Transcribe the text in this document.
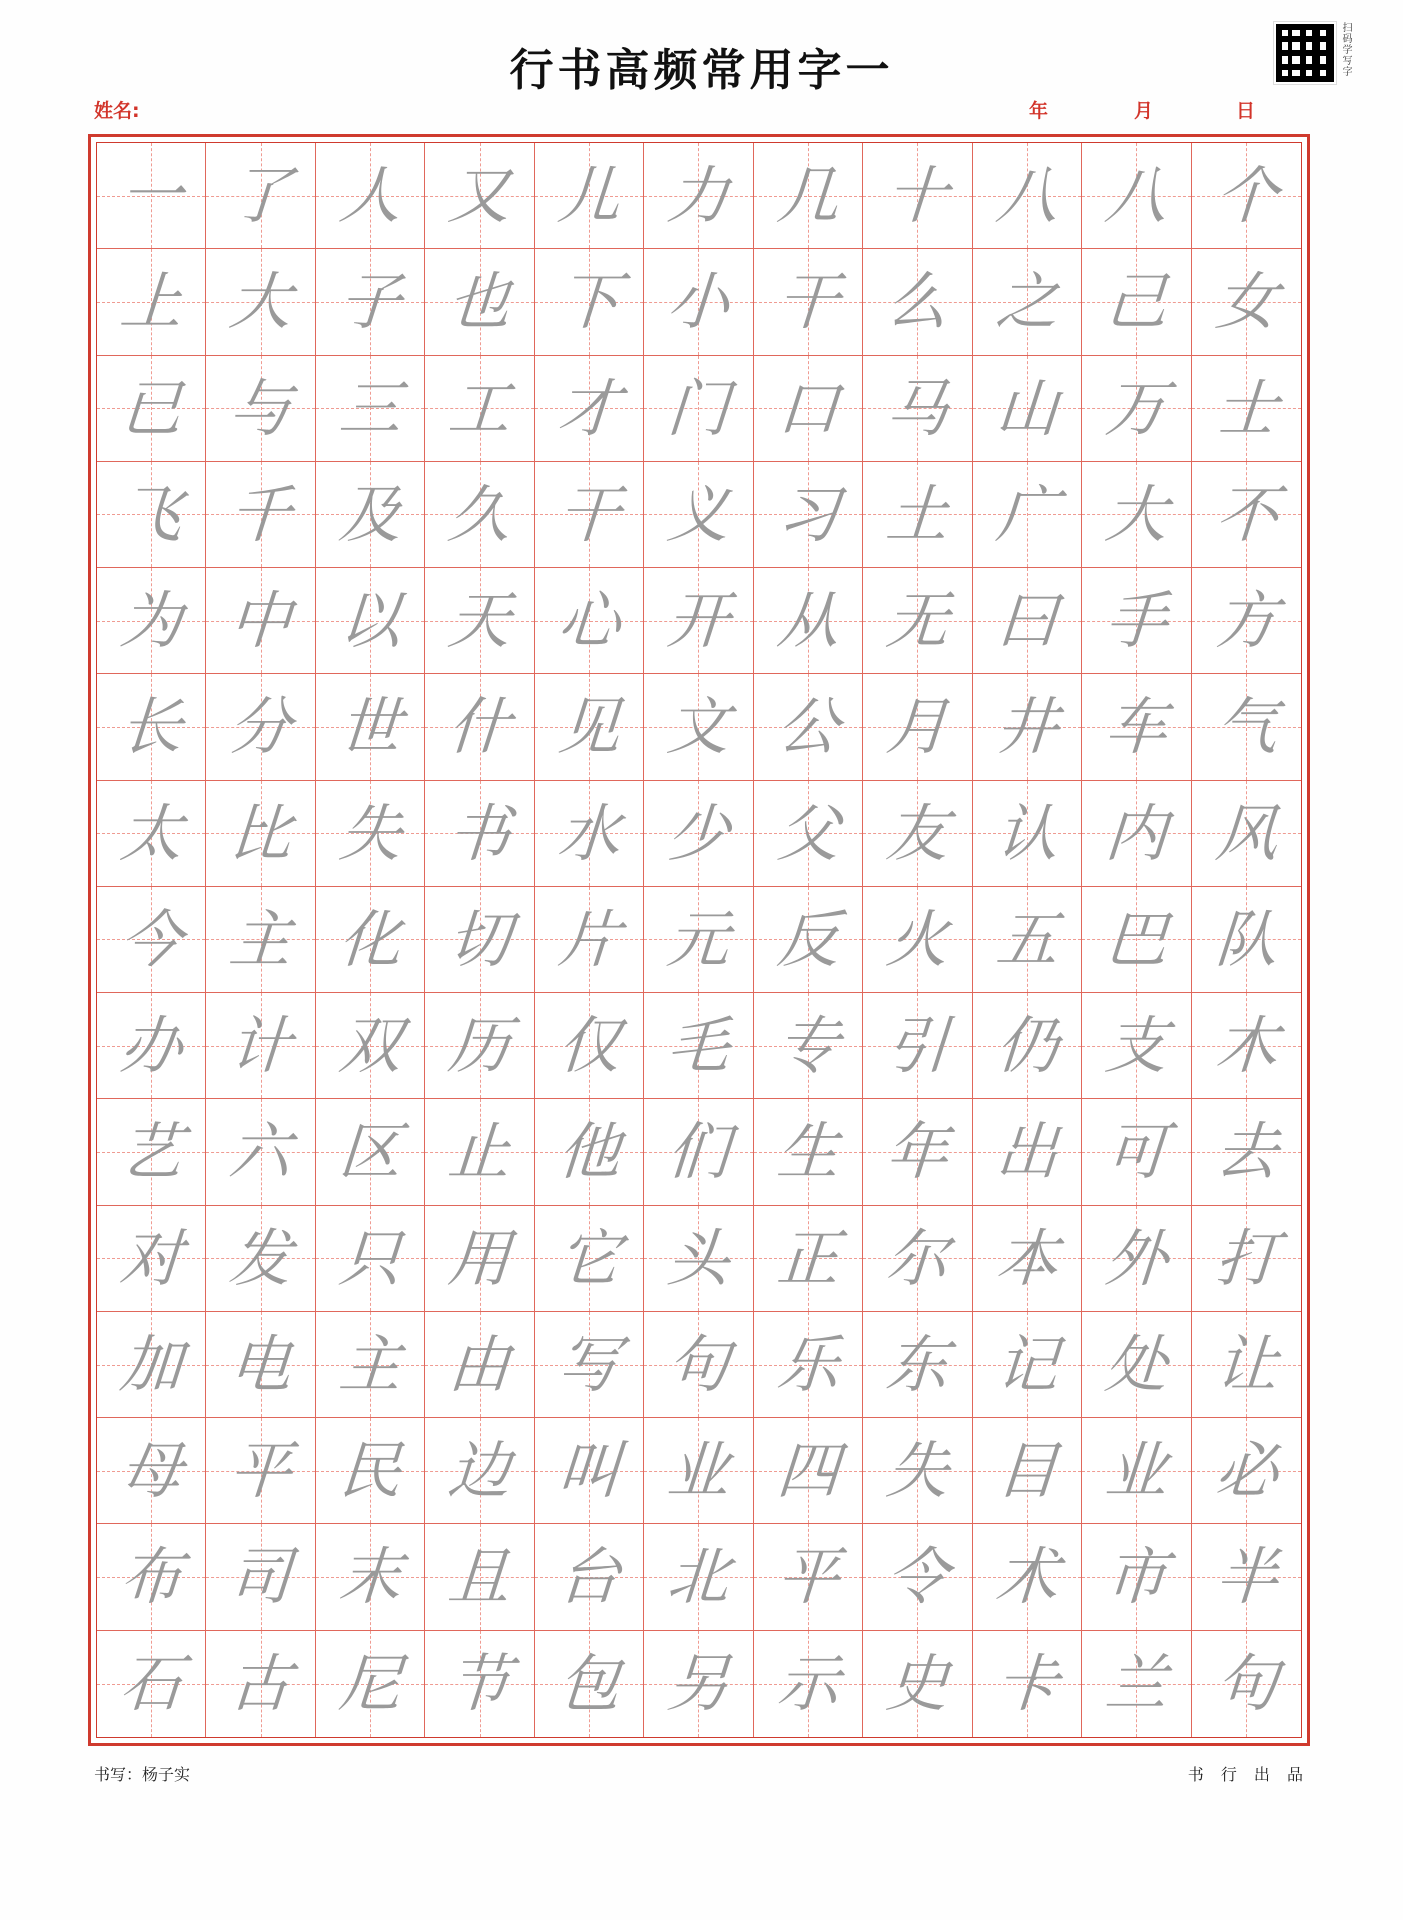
行书高频常用字一	扫码学写字
姓名:	年	月	日
一 了 人 又 儿 力 几 十 八 八 个
上 大 子 也 下 小 干 么 之 己 女
已 与 三 工 才 门 口 马 山 万 士
飞 千 及 久 干 义 习 土 广 大 不
为 中 以 天 心 开 从 无 曰 手 方
长 分 世 什 见 文 公 月 井 车 气
太 比 失 书 水 少 父 友 认 内 风
今 主 化 切 片 元 反 火 五 巴 队
办 计 双 历 仅 毛 专 引 仍 支 木
艺 六 区 止 他 们 生 年 出 可 去
对 发 只 用 它 头 正 尔 本 外 打
加 电 主 由 写 句 乐 东 记 处 让
母 平 民 边 叫 业 四 失 目 业 必
布 司 末 且 台 北 平 令 术 市 半
石 古 尼 节 包 另 示 史 卡 兰 句
书写：杨子实	书 行 出 品
